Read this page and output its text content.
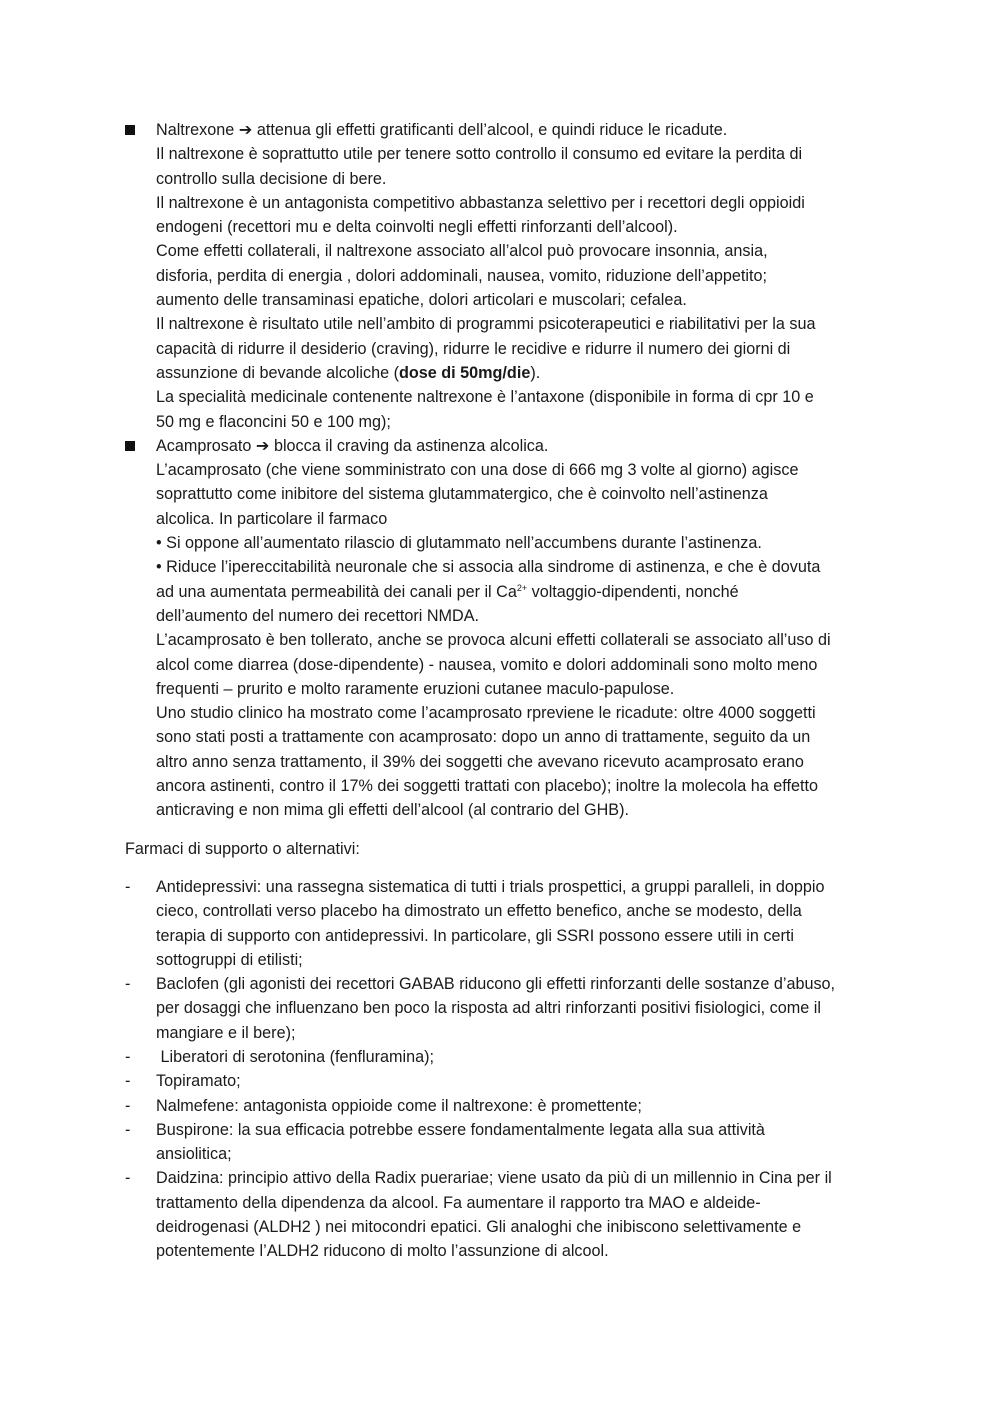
Naltrexone ➔ attenua gli effetti gratificanti dell’alcool, e quindi riduce le ricadute.
Il naltrexone è soprattutto utile per tenere sotto controllo il consumo ed evitare la perdita di
controllo sulla decisione di bere.
Il naltrexone è un antagonista competitivo abbastanza selettivo per i recettori degli oppioidi
endogeni (recettori mu e delta coinvolti negli effetti rinforzanti dell’alcool).
Come effetti collaterali, il naltrexone associato all’alcol può provocare insonnia, ansia,
disforia, perdita di energia , dolori addominali, nausea, vomito, riduzione dell’appetito;
aumento delle transaminasi epatiche, dolori articolari e muscolari; cefalea.
Il naltrexone è risultato utile nell’ambito di programmi psicoterapeutici e riabilitativi per la sua
capacità di ridurre il desiderio (craving), ridurre le recidive e ridurre il numero dei giorni di
assunzione di bevande alcoliche (dose di 50mg/die).
La specialità medicinale contenente naltrexone è l’antaxone (disponibile in forma di cpr 10 e
50 mg e flaconcini 50 e 100 mg);
Acamprosato ➔ blocca il craving da astinenza alcolica.
L’acamprosato (che viene somministrato con una dose di 666 mg 3 volte al giorno) agisce
soprattutto come inibitore del sistema glutammatergico, che è coinvolto nell’astinenza
alcolica. In particolare il farmaco
• Si oppone all’aumentato rilascio di glutammato nell’accumbens durante l’astinenza.
• Riduce l’ipereccitabilità neuronale che si associa alla sindrome di astinenza, e che è dovuta
ad una aumentata permeabilità dei canali per il $Ca^{2+}$ voltaggio-dipendenti, nonché
dell’aumento del numero dei recettori NMDA.
L’acamprosato è ben tollerato, anche se provoca alcuni effetti collaterali se associato all’uso di
alcol come diarrea (dose-dipendente) - nausea, vomito e dolori addominali sono molto meno
frequenti – prurito e molto raramente eruzioni cutanee maculo-papulose.
Uno studio clinico ha mostrato come l’acamprosato rpreviene le ricadute: oltre 4000 soggetti
sono stati posti a trattamente con acamprosato: dopo un anno di trattamente, seguito da un
altro anno senza trattamento, il 39% dei soggetti che avevano ricevuto acamprosato erano
ancora astinenti, contro il 17% dei soggetti trattati con placebo); inoltre la molecola ha effetto
anticraving e non mima gli effetti dell’alcool (al contrario del GHB).
Farmaci di supporto o alternativi:
- Antidepressivi: una rassegna sistematica di tutti i trials prospettici, a gruppi paralleli, in doppio
cieco, controllati verso placebo ha dimostrato un effetto benefico, anche se modesto, della
terapia di supporto con antidepressivi. In particolare, gli SSRI possono essere utili in certi
sottogruppi di etilisti;
- Baclofen (gli agonisti dei recettori GABAB riducono gli effetti rinforzanti delle sostanze d’abuso,
per dosaggi che influenzano ben poco la risposta ad altri rinforzanti positivi fisiologici, come il
mangiare e il bere);
- Liberatori di serotonina (fenfluramina);
- Topiramato;
- Nalmefene: antagonista oppioide come il naltrexone: è promettente;
- Buspirone: la sua efficacia potrebbe essere fondamentalmente legata alla sua attività
ansiolitica;
- Daidzina: principio attivo della Radix puerariae; viene usato da più di un millennio in Cina per il
trattamento della dipendenza da alcool. Fa aumentare il rapporto tra MAO e aldeide-
deidrogenasi (ALDH2 ) nei mitocondri epatici. Gli analoghi che inibiscono selettivamente e
potentemente l’ALDH2 riducono di molto l’assunzione di alcool.
